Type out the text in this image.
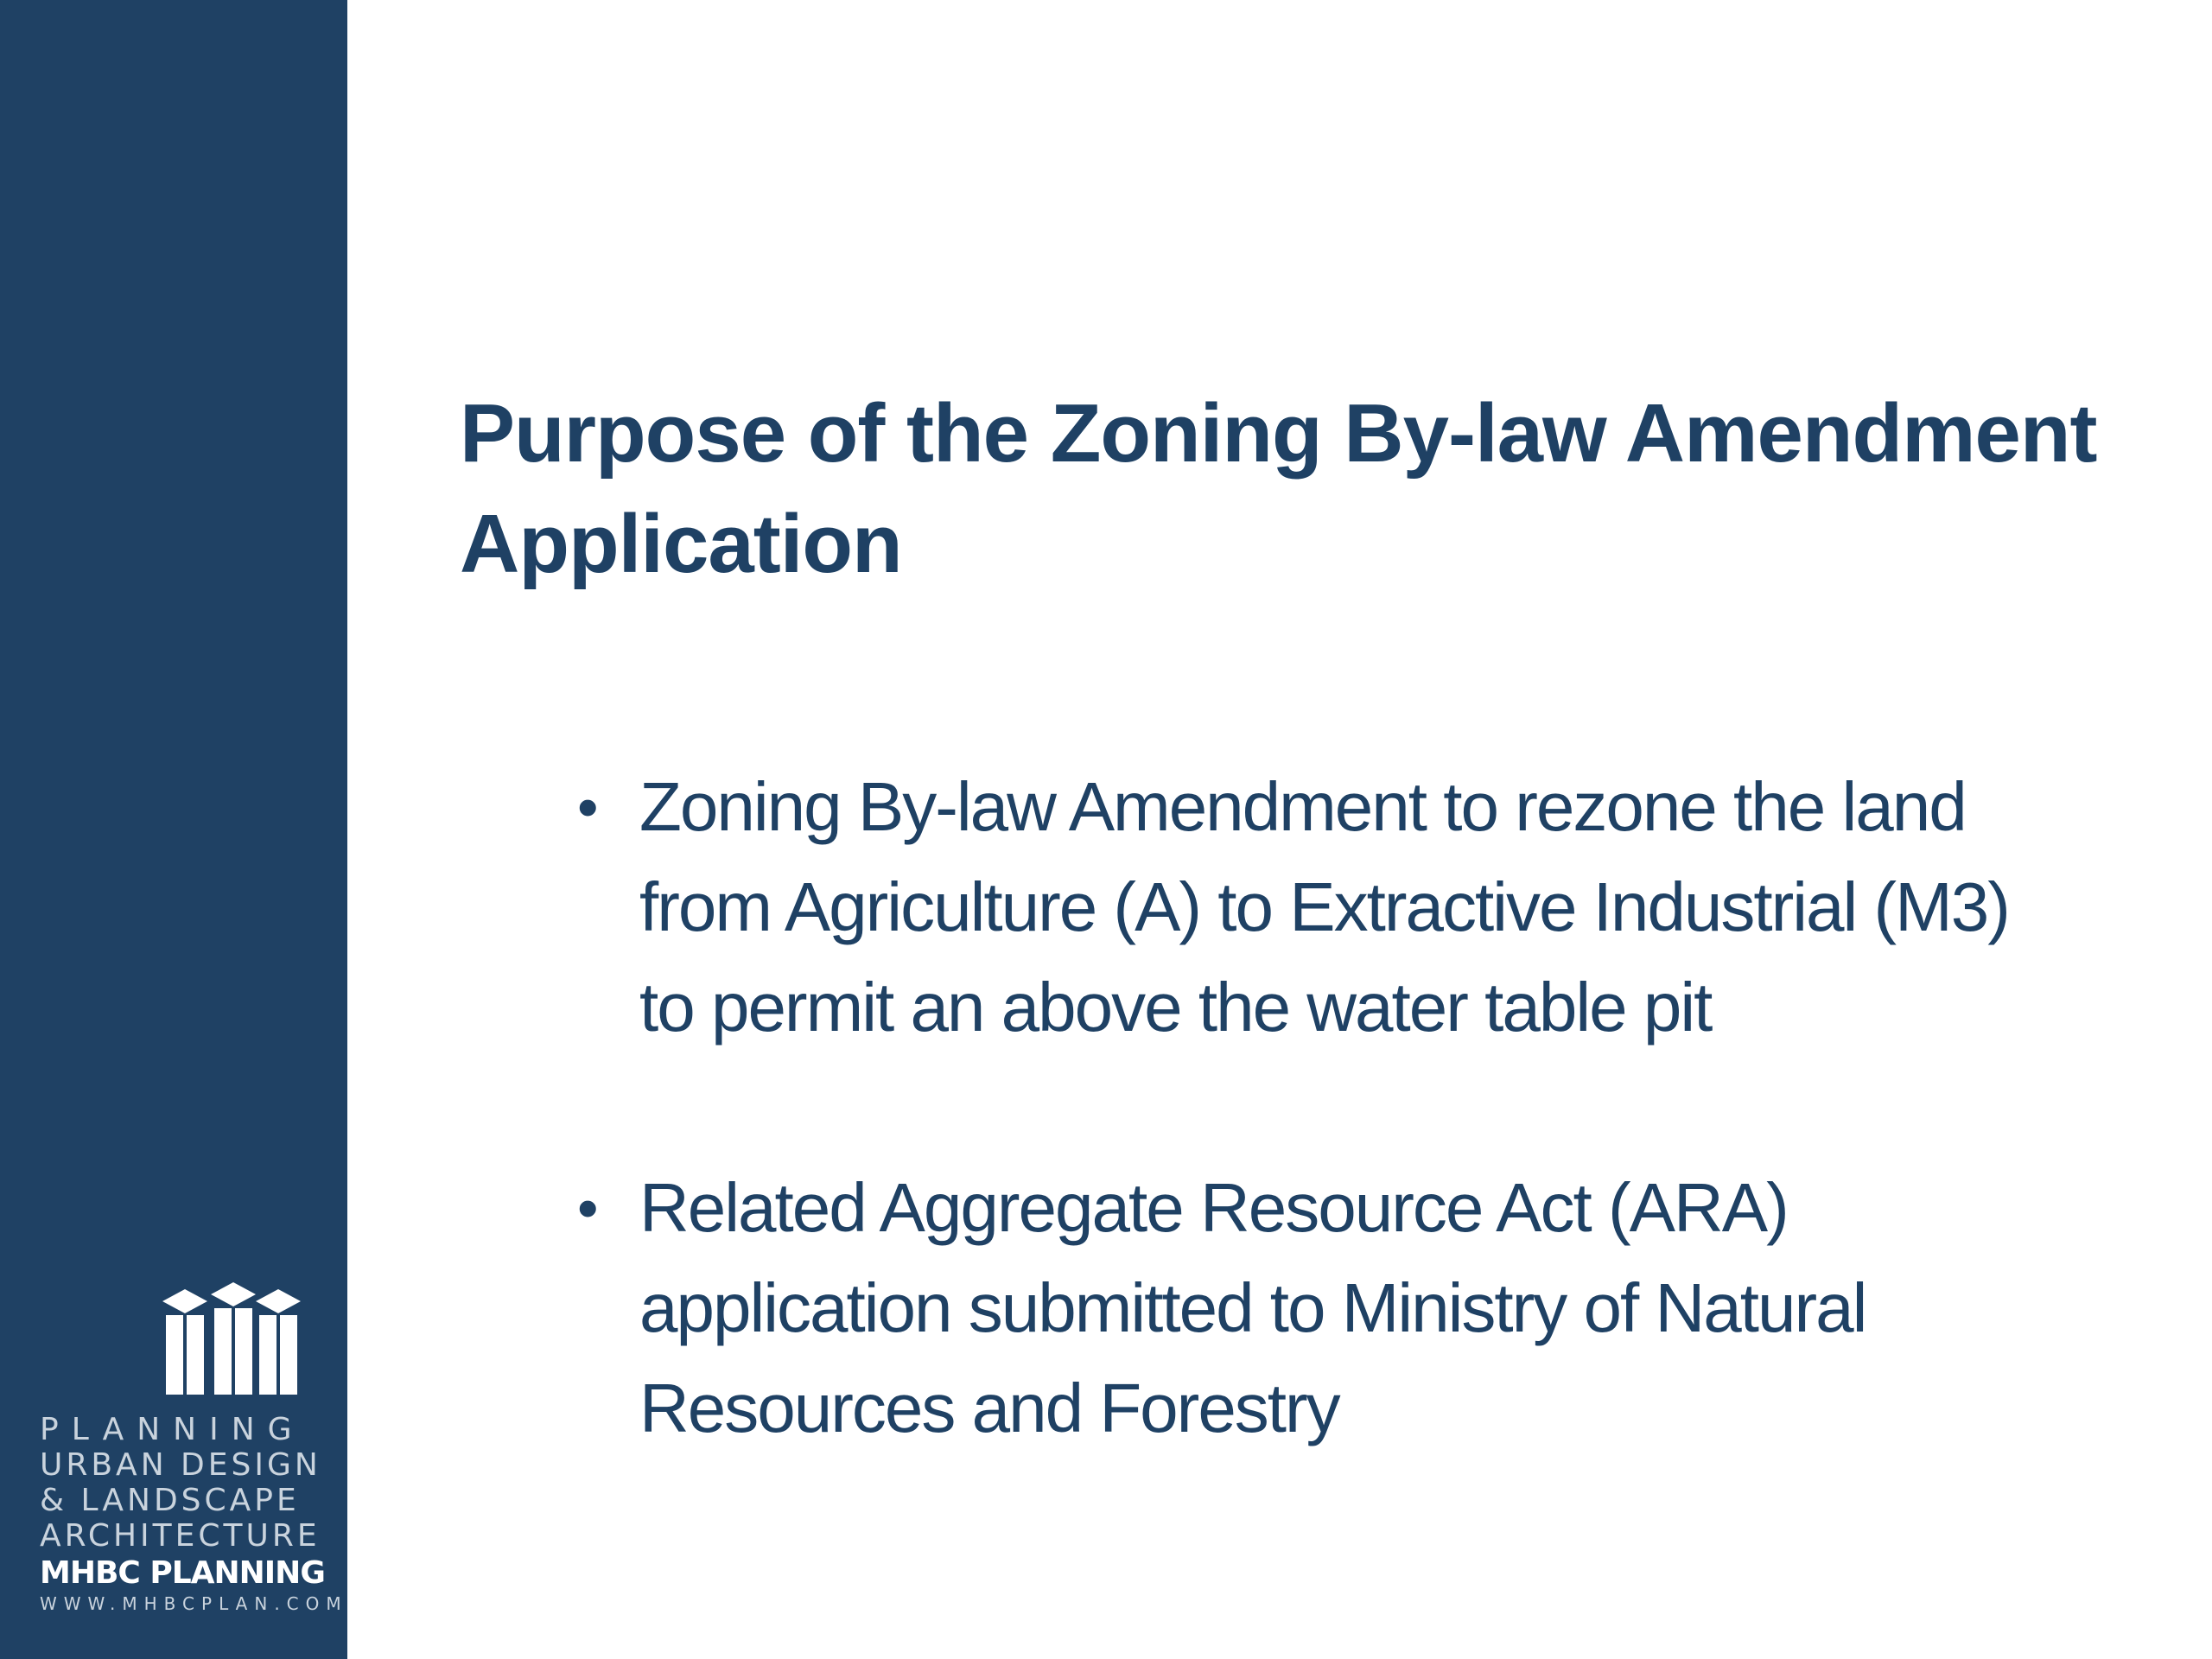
PLANNING
URBAN DESIGN
& LANDSCAPE
ARCHITECTURE
MHBC PLANNING
WWW.MHBCPLAN.COM
Purpose of the Zoning By-law Amendment Application
• Zoning By-law Amendment to rezone the land from Agriculture (A) to Extractive Industrial (M3) to permit an above the water table pit
• Related Aggregate Resource Act (ARA) application submitted to Ministry of Natural Resources and Forestry
